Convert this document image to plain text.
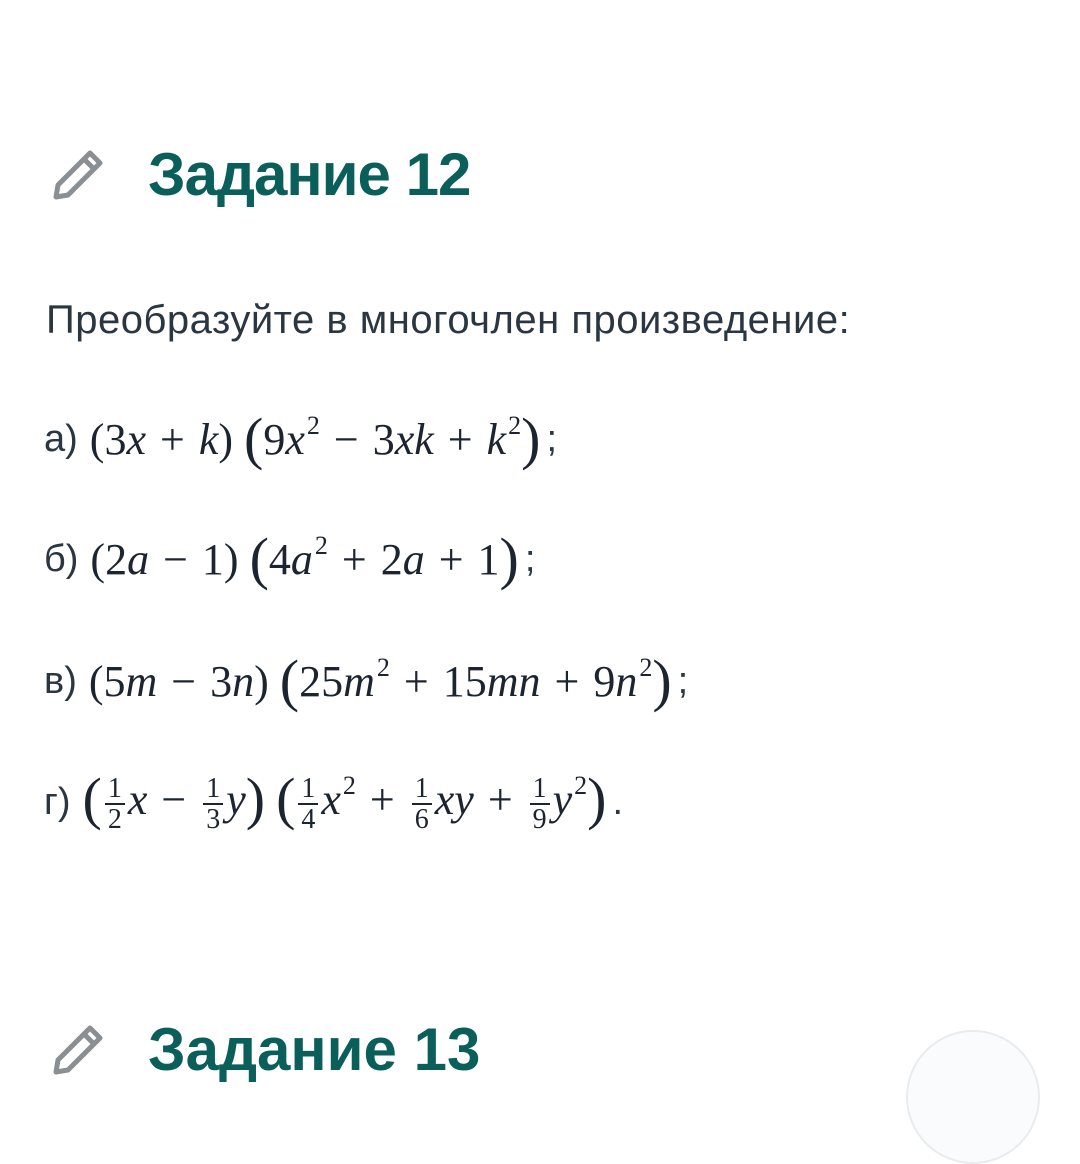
Задание 12
Преобразуйте в многочлен произведение:
а) (3x + k) $(9x^2 - 3xk + k^2)$ ;
б) (2a − 1) $(4a^2 + 2a + 1)$ ;
в) (5m − 3n) $(25m^2 + 15mn + 9n^2)$ ;
г) ( $\frac{1}{2}$ $x - \frac{1}{3} y$) ( $\frac{1}{4} x^2 + \frac{1}{6}$ xy + $\frac{1}{9} y^2$) .
Задание 13
